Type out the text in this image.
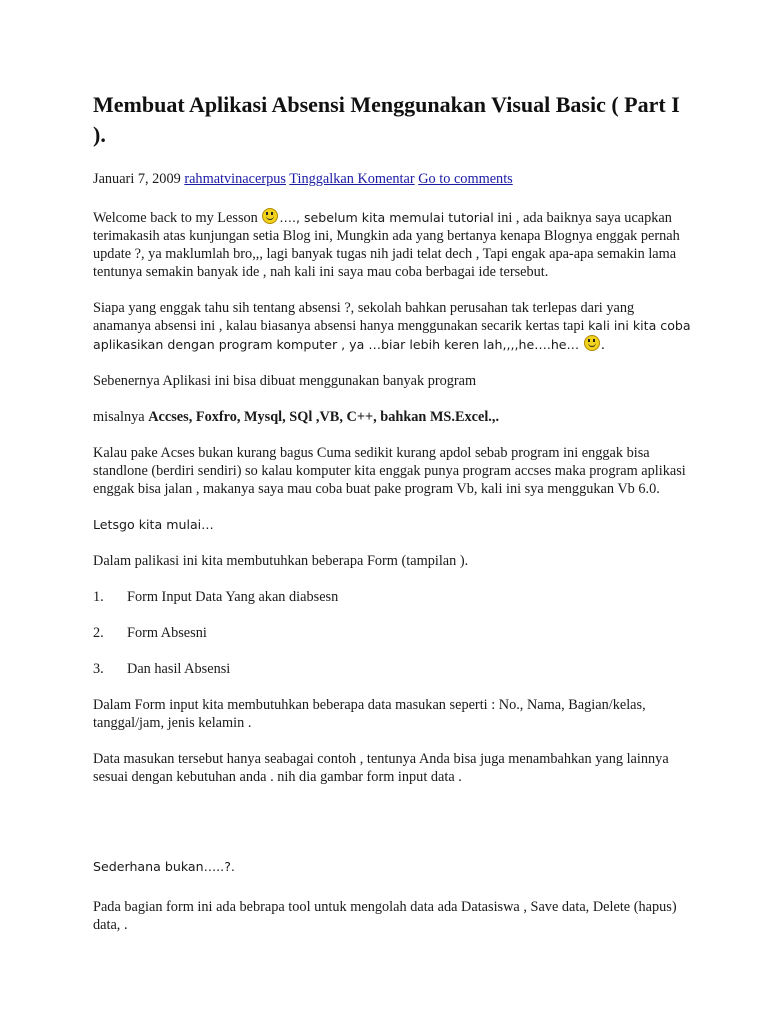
Membuat Aplikasi Absensi Menggunakan Visual Basic ( Part I ).

Januari 7, 2009 rahmatvinacerpus Tinggalkan Komentar Go to comments

Welcome back to my Lesson …., sebelum kita memulai tutorial ini , ada baiknya saya ucapkan terimakasih atas kunjungan setia Blog ini, Mungkin ada yang bertanya kenapa Blognya enggak pernah update ?, ya maklumlah bro,,, lagi banyak tugas nih jadi telat dech , Tapi engak apa-apa semakin lama tentunya semakin banyak ide , nah kali ini saya mau coba berbagai ide tersebut.

Siapa yang enggak tahu sih tentang absensi ?, sekolah bahkan perusahan tak terlepas dari yang anamanya absensi ini , kalau biasanya absensi hanya menggunakan secarik kertas tapi kali ini kita coba aplikasikan dengan program komputer , ya …biar lebih keren lah,,,,he….he… .

Sebenernya Aplikasi ini bisa dibuat menggunakan banyak program

misalnya Accses, Foxfro, Mysql, SQl ,VB, C++, bahkan MS.Excel.,.

Kalau pake Acses bukan kurang bagus Cuma sedikit kurang apdol sebab program ini enggak bisa standlone (berdiri sendiri) so kalau komputer kita enggak punya program accses maka program aplikasi enggak bisa jalan , makanya saya mau coba buat pake program Vb, kali ini sya menggukan Vb 6.0.

Letsgo kita mulai…

Dalam palikasi ini kita membutuhkan beberapa Form (tampilan ).

1.	Form Input Data Yang akan diabsesn
2.	Form Absesni
3.	Dan hasil Absensi

Dalam Form input kita membutuhkan beberapa data masukan seperti : No., Nama, Bagian/kelas, tanggal/jam, jenis kelamin .

Data masukan tersebut hanya seabagai contoh , tentunya Anda bisa juga menambahkan yang lainnya sesuai dengan kebutuhan anda . nih dia gambar form input data .

Sederhana bukan…..?.

Pada bagian form ini ada bebrapa tool untuk mengolah data ada Datasiswa , Save data, Delete (hapus) data, .
